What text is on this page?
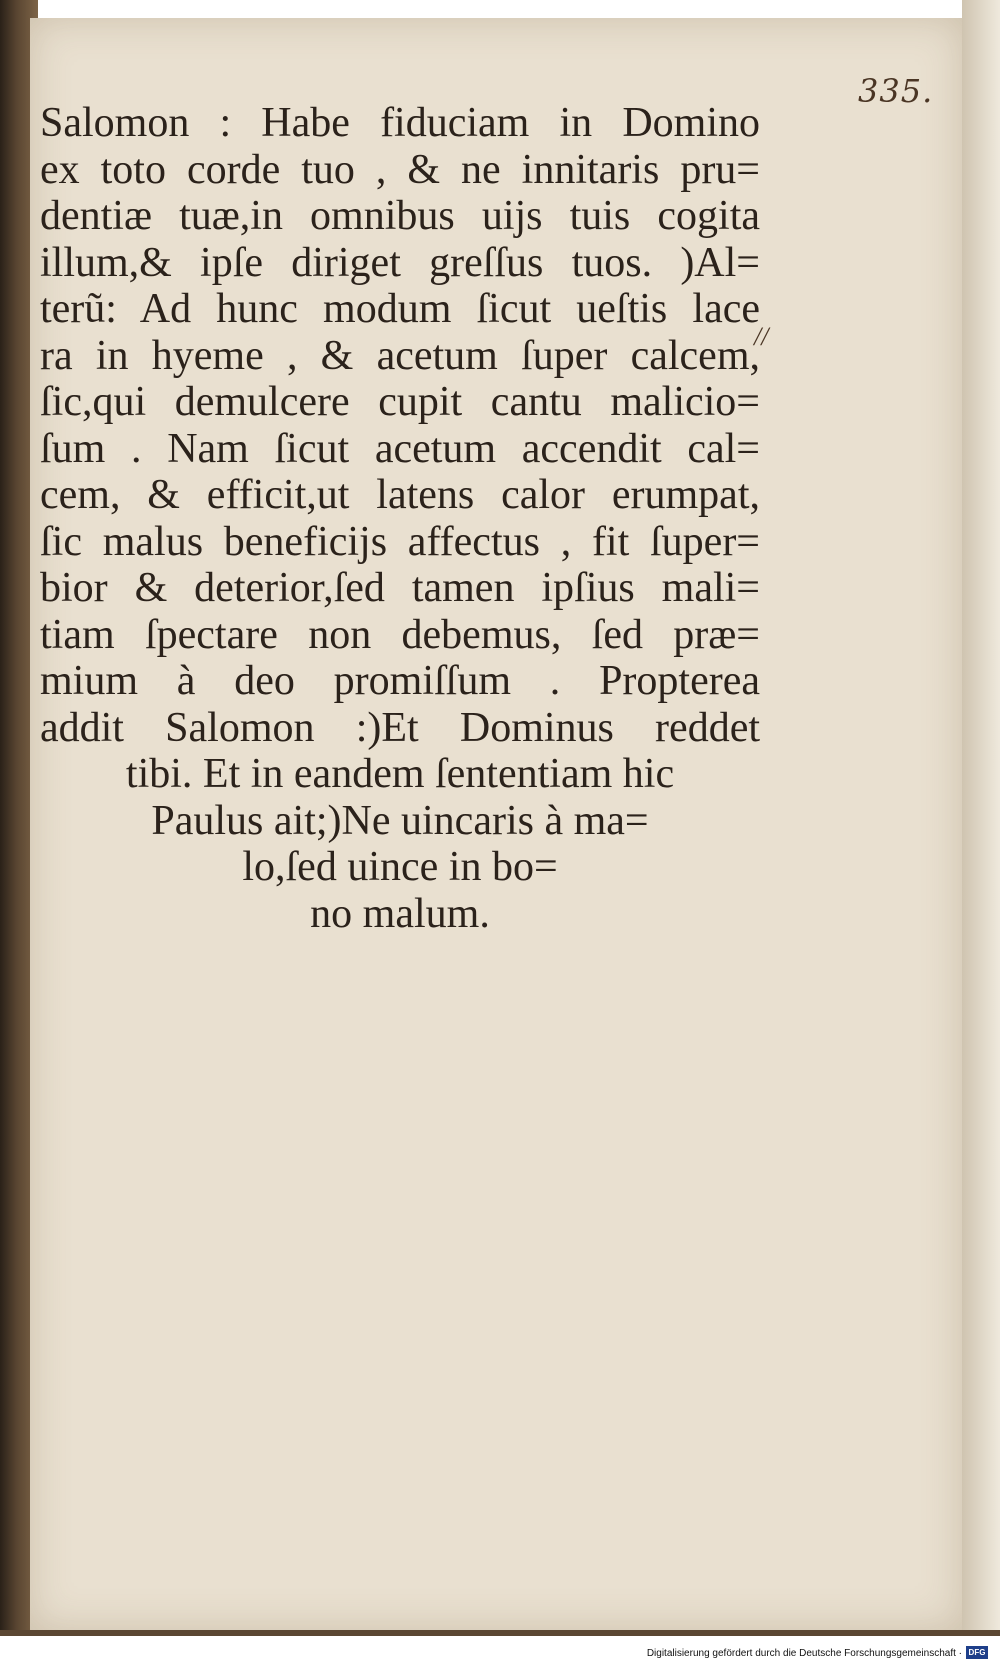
335.
//
Salomon : Habe fiduciam in Domino
ex toto corde tuo , & ne innitaris pru=
dentiæ tuæ,in omnibus uijs tuis cogita
illum,& ipſe diriget greſſus tuos. )Al=
terũ: Ad hunc modum ſicut ueſtis lace
ra in hyeme , & acetum ſuper calcem,
ſic,qui demulcere cupit cantu malicio=
ſum . Nam ſicut acetum accendit cal=
cem, & efficit,ut latens calor erumpat,
ſic malus beneficijs affectus , fit ſuper=
bior & deterior,ſed tamen ipſius mali=
tiam ſpectare non debemus, ſed præ=
mium à deo promiſſum . Propterea
addit Salomon :)Et Dominus reddet
tibi. Et in eandem ſententiam hic
Paulus ait;)Ne uincaris à ma=
lo,ſed uince in bo=
no malum.
Digitalisierung gefördert durch die Deutsche Forschungsgemeinschaft · DFG
